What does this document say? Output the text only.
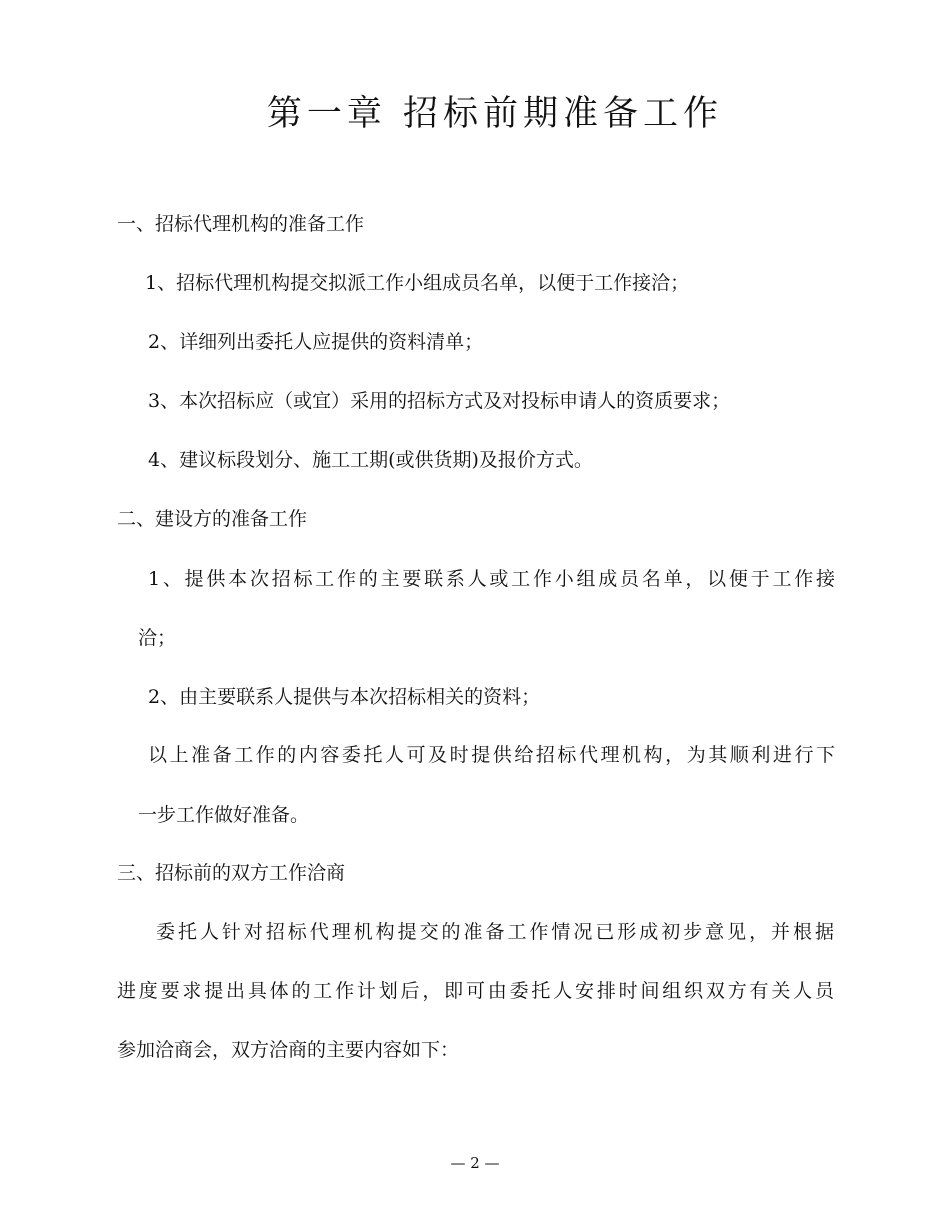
第一章 招标前期准备工作
一、招标代理机构的准备工作
1、招标代理机构提交拟派工作小组成员名单，以便于工作接洽；
2、详细列出委托人应提供的资料清单；
3、本次招标应（或宜）采用的招标方式及对投标申请人的资质要求；
4、建议标段划分、施工工期(或供货期)及报价方式。
二、建设方的准备工作
1、提供本次招标工作的主要联系人或工作小组成员名单，以便于工作接
洽；
2、由主要联系人提供与本次招标相关的资料；
以上准备工作的内容委托人可及时提供给招标代理机构，为其顺利进行下
一步工作做好准备。
三、招标前的双方工作洽商
委托人针对招标代理机构提交的准备工作情况已形成初步意见，并根据
进度要求提出具体的工作计划后，即可由委托人安排时间组织双方有关人员
参加洽商会，双方洽商的主要内容如下：
— 2 —
